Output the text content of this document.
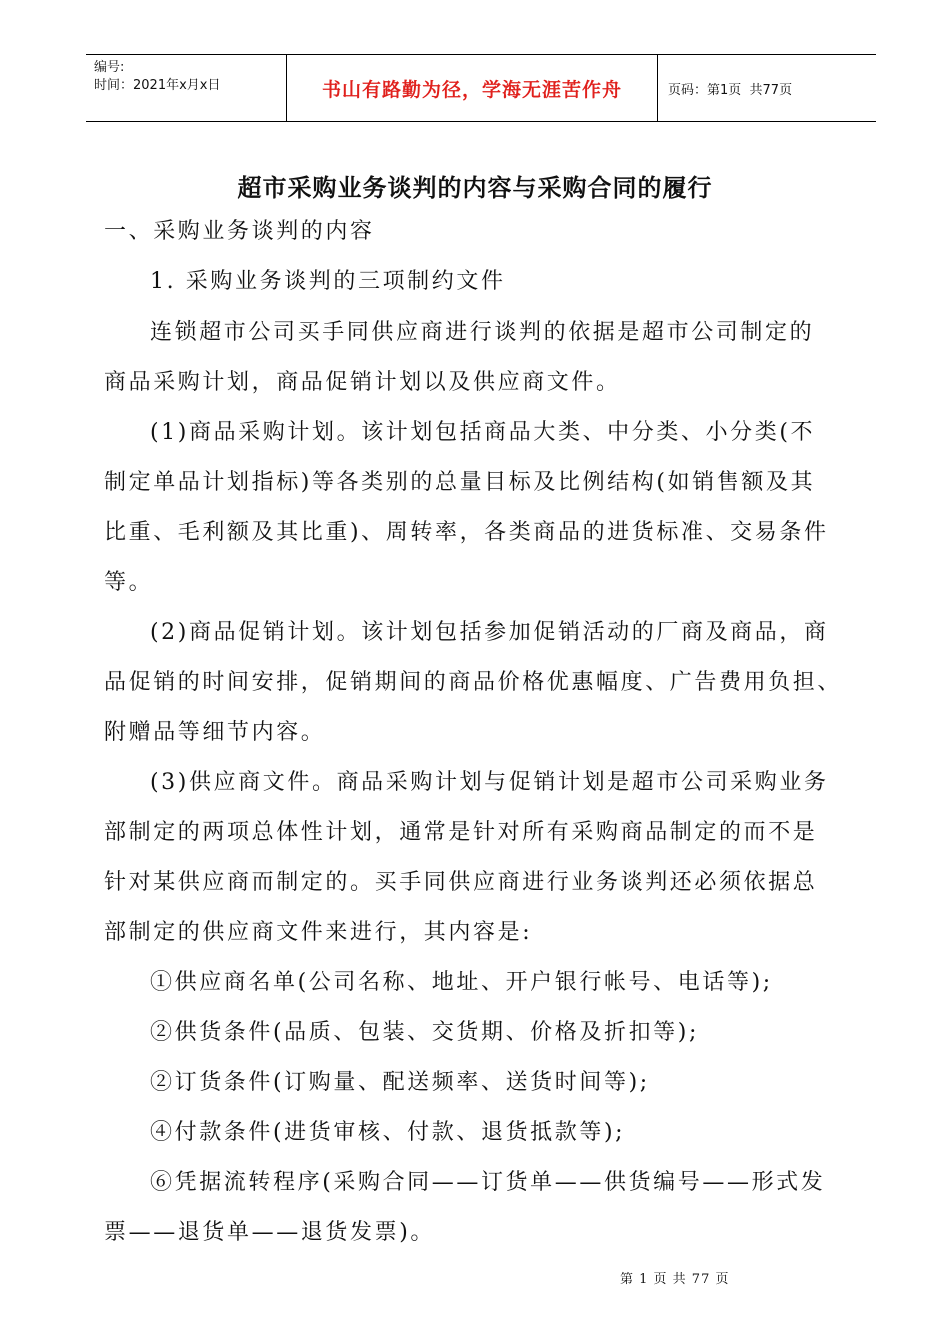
编号:
时间：2021年x月x日	书山有路勤为径，学海无涯苦作舟	页码：第1页  共77页
超市采购业务谈判的内容与采购合同的履行
一、采购业务谈判的内容
1. 采购业务谈判的三项制约文件
连锁超市公司买手同供应商进行谈判的依据是超市公司制定的
商品采购计划，商品促销计划以及供应商文件。
(1)商品采购计划。该计划包括商品大类、中分类、小分类(不
制定单品计划指标)等各类别的总量目标及比例结构(如销售额及其
比重、毛利额及其比重)、周转率，各类商品的进货标准、交易条件
等。
(2)商品促销计划。该计划包括参加促销活动的厂商及商品，商
品促销的时间安排，促销期间的商品价格优惠幅度、广告费用负担、
附赠品等细节内容。
(3)供应商文件。商品采购计划与促销计划是超市公司采购业务
部制定的两项总体性计划，通常是针对所有采购商品制定的而不是
针对某供应商而制定的。买手同供应商进行业务谈判还必须依据总
部制定的供应商文件来进行，其内容是:
①供应商名单(公司名称、地址、开户银行帐号、电话等);
②供货条件(品质、包装、交货期、价格及折扣等);
②订货条件(订购量、配送频率、送货时间等);
④付款条件(进货审核、付款、退货抵款等);
⑥凭据流转程序(采购合同——订货单——供货编号——形式发
票——退货单——退货发票)。
第 1 页 共 77 页
